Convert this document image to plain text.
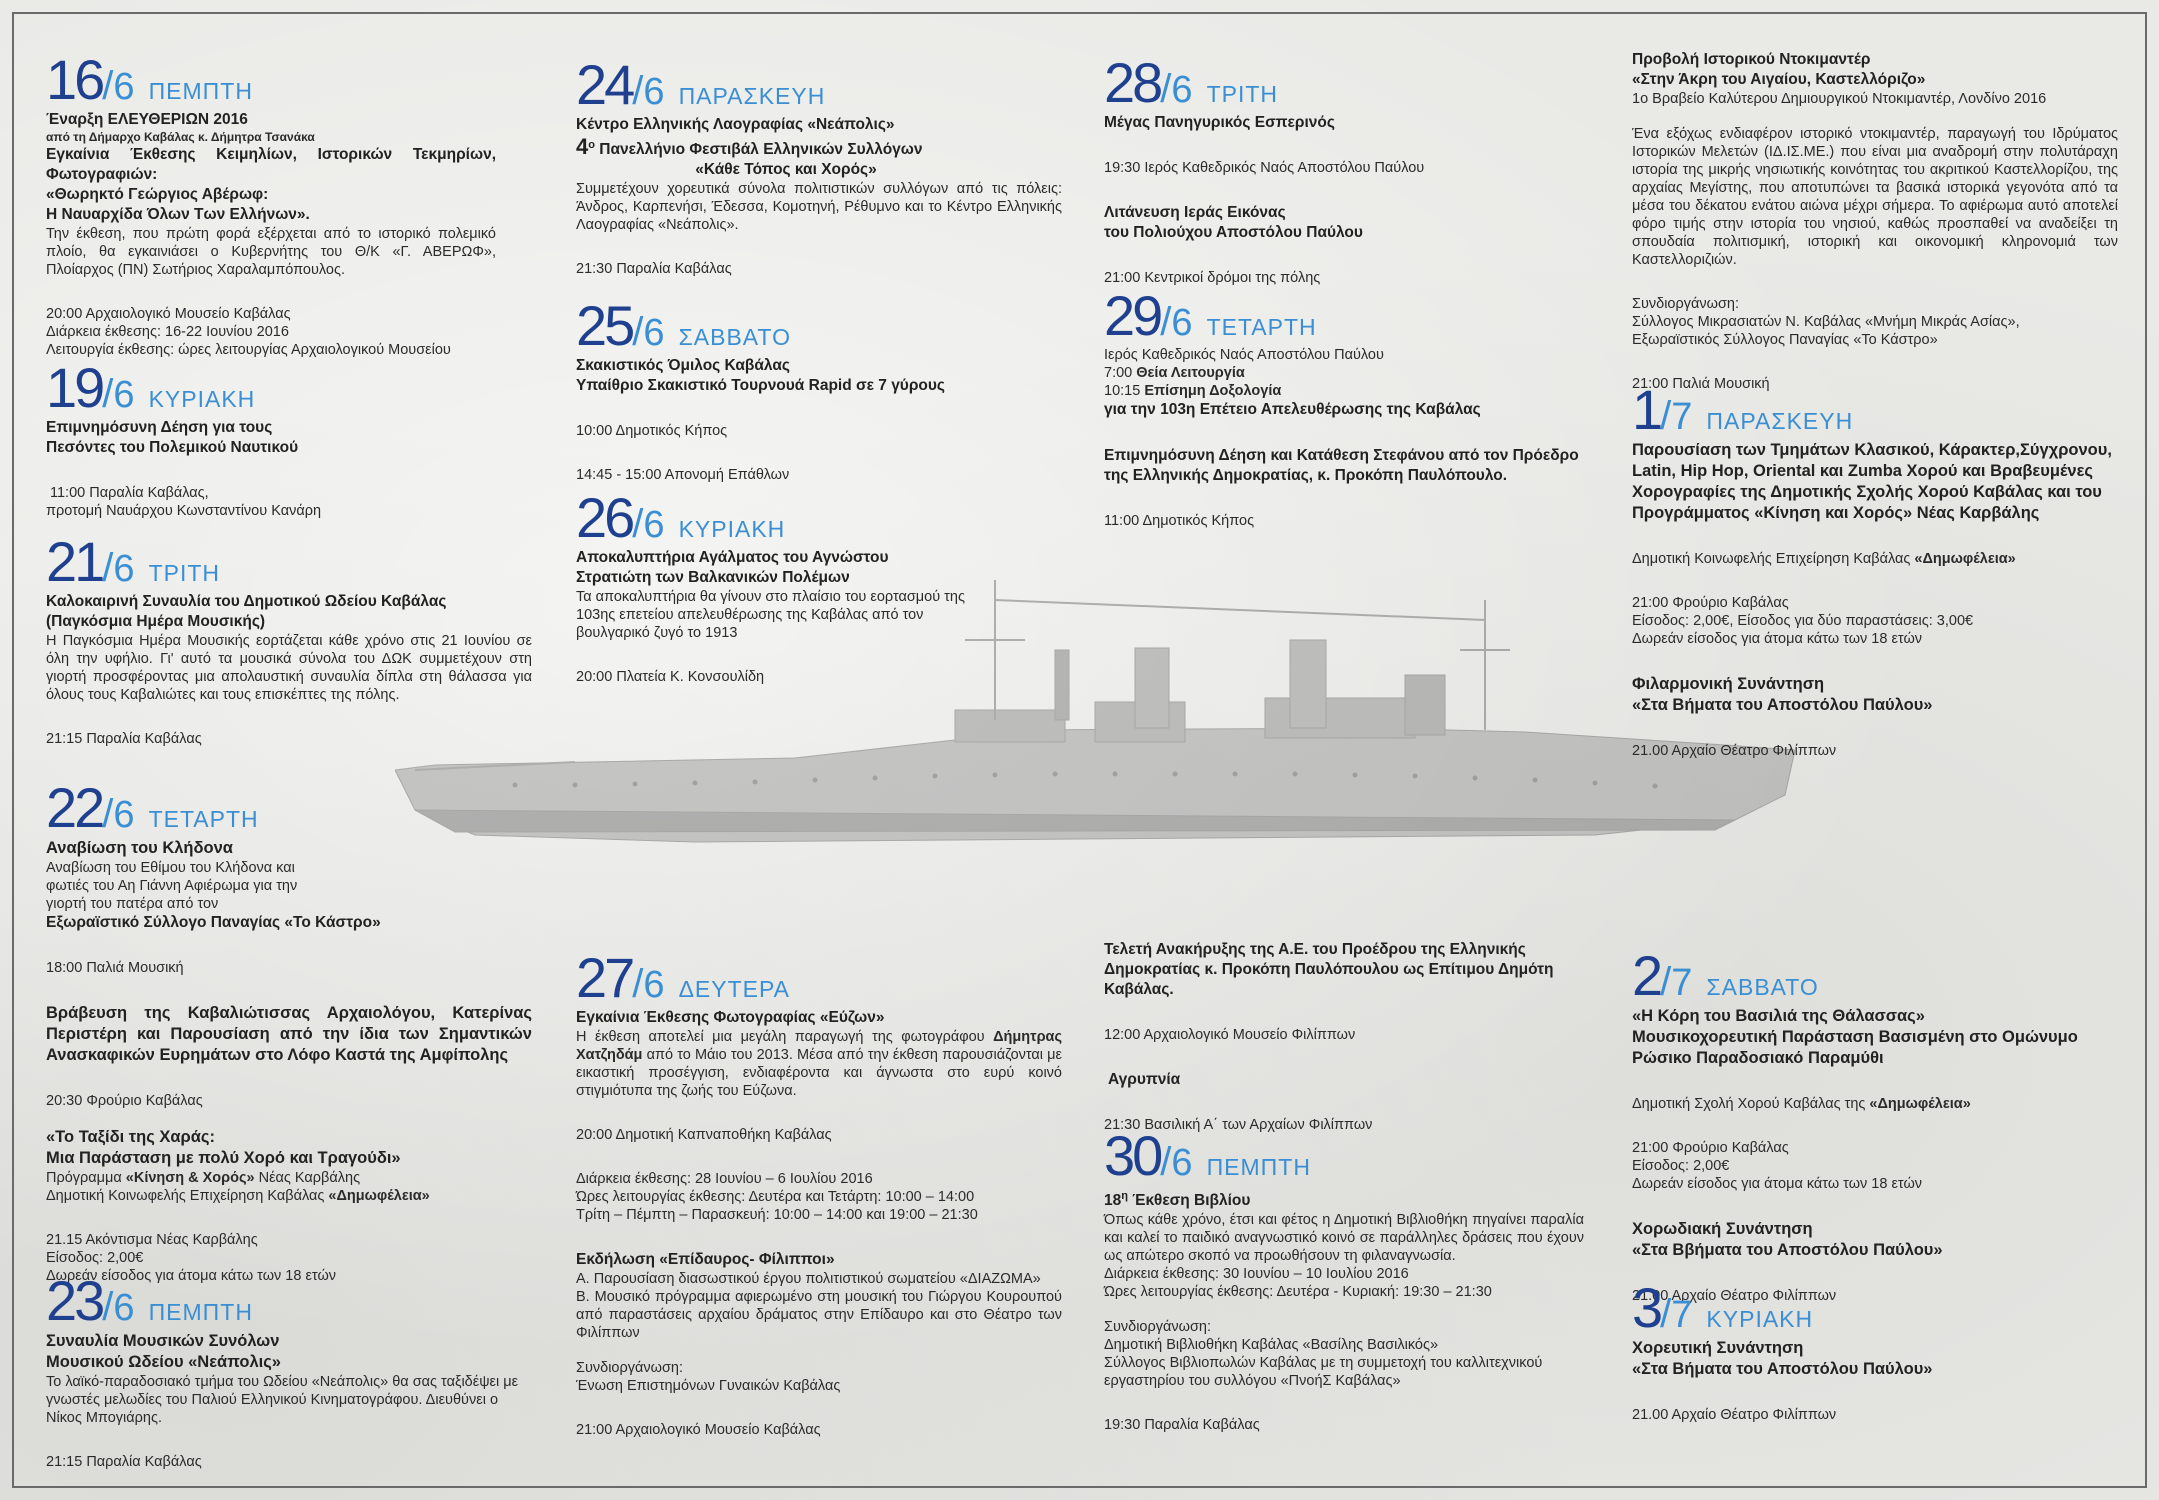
16 / 6 ΠΕΜΠΤΗ

Έναρξη ΕΛΕΥΘΕΡΙΩΝ 2016

από τη Δήμαρχο Καβάλας κ. Δήμητρα Τσανάκα

Εγκαίνια Έκθεσης Κειμηλίων, Ιστορικών Τεκμηρίων, Φωτογραφιών:

«Θωρηκτό Γεώργιος Αβέρωφ:

Η Ναυαρχίδα Όλων Των Ελλήνων».

Την έκθεση, που πρώτη φορά εξέρχεται από το ιστορικό πολεμικό πλοίο, θα εγκαινιάσει ο Κυβερνήτης του Θ/Κ «Γ. ΑΒΕΡΩΦ», Πλοίαρχος (ΠΝ) Σωτήριος Χαραλαμπόπουλος.

20:00 Αρχαιολογικό Μουσείο Καβάλας

Διάρκεια έκθεσης: 16-22 Ιουνίου 2016

Λειτουργία έκθεσης: ώρες λειτουργίας Αρχαιολογικού Μουσείου

19 / 6 ΚΥΡΙΑΚΗ

Επιμνημόσυνη Δέηση για τους

Πεσόντες του Πολεμικού Ναυτικού

11:00 Παραλία Καβάλας,

προτομή Ναυάρχου Κωνσταντίνου Κανάρη

21 / 6 ΤΡΙΤΗ

Καλοκαιρινή Συναυλία του Δημοτικού Ωδείου Καβάλας

(Παγκόσμια Ημέρα Μουσικής)

Η Παγκόσμια Ημέρα Μουσικής εορτάζεται κάθε χρόνο στις 21 Ιουνίου σε όλη την υφήλιο. Γι' αυτό τα μουσικά σύνολα του ΔΩΚ συμμετέχουν στη γιορτή προσφέροντας μια απολαυστική συναυλία δίπλα στη θάλασσα για όλους τους Καβαλιώτες και τους επισκέπτες της πόλης.

21:15 Παραλία Καβάλας

22 / 6 ΤΕΤΑΡΤΗ

Αναβίωση του Κλήδονα

Αναβίωση του Εθίμου του Κλήδονα και

φωτιές του Αη Γιάννη Αφιέρωμα για την

γιορτή του πατέρα από τον

Εξωραϊστικό Σύλλογο Παναγίας «Το Κάστρο»

18:00 Παλιά Μουσική

Βράβευση της Καβαλιώτισσας Αρχαιολόγου, Κατερίνας Περιστέρη και Παρουσίαση από την ίδια των Σημαντικών Ανασκαφικών Ευρημάτων στο Λόφο Καστά της Αμφίπολης

20:30 Φρούριο Καβάλας

«Το Ταξίδι της Χαράς:

Μια Παράσταση με πολύ Χορό και Τραγούδι»

Πρόγραμμα «Κίνηση & Χορός» Νέας Καρβάλης

Δημοτική Κοινωφελής Επιχείρηση Καβάλας «Δημωφέλεια»

21.15 Ακόντισμα Νέας Καρβάλης

Είσοδος: 2,00€

Δωρεάν είσοδος για άτομα κάτω των 18 ετών

23 / 6 ΠΕΜΠΤΗ

Συναυλία Μουσικών Συνόλων

Μουσικού Ωδείου «Νεάπολις»

Το λαϊκό-παραδοσιακό τμήμα του Ωδείου «Νεάπολις» θα σας ταξιδέψει με γνωστές μελωδίες του Παλιού Ελληνικού Κινηματογράφου. Διευθύνει ο Νίκος Μπογιάρης.

21:15 Παραλία Καβάλας

24 / 6 ΠΑΡΑΣΚΕΥΗ

Κέντρο Ελληνικής Λαογραφίας «Νεάπολις»

$4^o$ Πανελλήνιο Φεστιβάλ Ελληνικών Συλλόγων

«Κάθε Τόπος και Χορός»

Συμμετέχουν χορευτικά σύνολα πολιτιστικών συλλόγων από τις πόλεις: Άνδρος, Καρπενήσι, Έδεσσα, Κομοτηνή, Ρέθυμνο και το Κέντρο Ελληνικής Λαογραφίας «Νεάπολις».

21:30 Παραλία Καβάλας

25 / 6 ΣΑΒΒΑΤΟ

Σκακιστικός Όμιλος Καβάλας

Υπαίθριο Σκακιστικό Τουρνουά Rapid σε 7 γύρους

10:00 Δημοτικός Κήπος

14:45 - 15:00 Απονομή Επάθλων

26 / 6 ΚΥΡΙΑΚΗ

Αποκαλυπτήρια Αγάλματος του Αγνώστου

Στρατιώτη των Βαλκανικών Πολέμων

Τα αποκαλυπτήρια θα γίνουν στο πλαίσιο του εορτασμού της 103ης επετείου απελευθέρωσης της Καβάλας από τον βουλγαρικό ζυγό το 1913

20:00 Πλατεία Κ. Κονσουλίδη

27 / 6 ΔΕΥΤΕΡΑ

Εγκαίνια Έκθεσης Φωτογραφίας «Εύζων»

Η έκθεση αποτελεί μια μεγάλη παραγωγή της φωτογράφου Δήμητρας Χατζηδάμ από το Μάιο του 2013. Μέσα από την έκθεση παρουσιάζονται με εικαστική προσέγγιση, ενδιαφέροντα και άγνωστα στο ευρύ κοινό στιγμιότυπα της ζωής του Εύζωνα.

20:00 Δημοτική Καπναποθήκη Καβάλας

Διάρκεια έκθεσης: 28 Ιουνίου – 6 Ιουλίου 2016

Ώρες λειτουργίας έκθεσης: Δευτέρα και Τετάρτη: 10:00 – 14:00

Τρίτη – Πέμπτη – Παρασκευή: 10:00 – 14:00 και 19:00 – 21:30

Εκδήλωση «Επίδαυρος- Φίλιπποι»

Α. Παρουσίαση διασωστικού έργου πολιτιστικού σωματείου «ΔΙΑΖΩΜΑ»

Β. Μουσικό πρόγραμμα αφιερωμένο στη μουσική του Γιώργου Κουρουπού από παραστάσεις αρχαίου δράματος στην Επίδαυρο και στο Θέατρο των Φιλίππων

Συνδιοργάνωση:

Ένωση Επιστημόνων Γυναικών Καβάλας

21:00 Αρχαιολογικό Μουσείο Καβάλας

28 / 6 ΤΡΙΤΗ

Μέγας Πανηγυρικός Εσπερινός

19:30 Ιερός Καθεδρικός Ναός Αποστόλου Παύλου

Λιτάνευση Ιεράς Εικόνας

του Πολιούχου Αποστόλου Παύλου

21:00 Κεντρικοί δρόμοι της πόλης

29 / 6 ΤΕΤΑΡΤΗ

Ιερός Καθεδρικός Ναός Αποστόλου Παύλου

7:00 Θεία Λειτουργία

10:15 Επίσημη Δοξολογία

για την 103η Επέτειο Απελευθέρωσης της Καβάλας

Επιμνημόσυνη Δέηση και Κατάθεση Στεφάνου από τον Πρόεδρο της Ελληνικής Δημοκρατίας, κ. Προκόπη Παυλόπουλο.

11:00 Δημοτικός Κήπος

Τελετή Ανακήρυξης της Α.Ε. του Προέδρου της Ελληνικής Δημοκρατίας κ. Προκόπη Παυλόπουλου ως Επίτιμου Δημότη Καβάλας.

12:00 Αρχαιολογικό Μουσείο Φιλίππων

Αγρυπνία

21:30 Βασιλική Α΄ των Αρχαίων Φιλίππων

30 / 6 ΠΕΜΠΤΗ

$18^\eta$ Έκθεση Βιβλίου

Όπως κάθε χρόνο, έτσι και φέτος η Δημοτική Βιβλιοθήκη πηγαίνει παραλία και καλεί το παιδικό αναγνωστικό κοινό σε παράλληλες δράσεις που έχουν ως απώτερο σκοπό να προωθήσουν τη φιλαναγνωσία.

Διάρκεια έκθεσης: 30 Ιουνίου – 10 Ιουλίου 2016

Ώρες λειτουργίας έκθεσης: Δευτέρα - Κυριακή: 19:30 – 21:30

Συνδιοργάνωση:

Δημοτική Βιβλιοθήκη Καβάλας «Βασίλης Βασιλικός»

Σύλλογος Βιβλιοπωλών Καβάλας με τη συμμετοχή του καλλιτεχνικού εργαστηρίου του συλλόγου «ΠνοήΣ Καβάλας»

19:30 Παραλία Καβάλας

Προβολή Ιστορικού Ντοκιμαντέρ

«Στην Άκρη του Αιγαίου, Καστελλόριζο»

1ο Βραβείο Καλύτερου Δημιουργικού Ντοκιμαντέρ, Λονδίνο 2016

Ένα εξόχως ενδιαφέρον ιστορικό ντοκιμαντέρ, παραγωγή του Ιδρύματος Ιστορικών Μελετών (ΙΔ.ΙΣ.ΜΕ.) που είναι μια αναδρομή στην πολυτάραχη ιστορία της μικρής νησιωτικής κοινότητας του ακριτικού Καστελλορίζου, της αρχαίας Μεγίστης, που αποτυπώνει τα βασικά ιστορικά γεγονότα από τα μέσα του δέκατου ενάτου αιώνα μέχρι σήμερα. Το αφιέρωμα αυτό αποτελεί φόρο τιμής στην ιστορία του νησιού, καθώς προσπαθεί να αναδείξει τη σπουδαία πολιτισμική, ιστορική και οικονομική κληρονομιά των Καστελλοριζιών.

Συνδιοργάνωση:

Σύλλογος Μικρασιατών Ν. Καβάλας «Μνήμη Μικράς Ασίας»,

Εξωραϊστικός Σύλλογος Παναγίας «Το Κάστρο»

21:00 Παλιά Μουσική

1 / 7 ΠΑΡΑΣΚΕΥΗ

Παρουσίαση των Τμημάτων Κλασικού, Κάρακτερ,Σύγχρονου, Latin, Hip Hop, Oriental και Zumba Χορού και Βραβευμένες Χορογραφίες της Δημοτικής Σχολής Χορού Καβάλας και του Προγράμματος «Κίνηση και Χορός» Νέας Καρβάλης

Δημοτική Κοινωφελής Επιχείρηση Καβάλας «Δημωφέλεια»

21:00 Φρούριο Καβάλας

Είσοδος: 2,00€, Είσοδος για δύο παραστάσεις: 3,00€

Δωρεάν είσοδος για άτομα κάτω των 18 ετών

Φιλαρμονική Συνάντηση

«Στα Βήματα του Αποστόλου Παύλου»

21.00 Αρχαίο Θέατρο Φιλίππων

2 / 7 ΣΑΒΒΑΤΟ

«Η Κόρη του Βασιλιά της Θάλασσας»

Μουσικοχορευτική Παράσταση Βασισμένη στο Ομώνυμο Ρώσικο Παραδοσιακό Παραμύθι

Δημοτική Σχολή Χορού Καβάλας της «Δημωφέλεια»

21:00 Φρούριο Καβάλας

Είσοδος: 2,00€

Δωρεάν είσοδος για άτομα κάτω των 18 ετών

Χορωδιακή Συνάντηση

«Στα Ββήματα του Αποστόλου Παύλου»

21.00 Αρχαίο Θέατρο Φιλίππων

3 / 7 ΚΥΡΙΑΚΗ

Χορευτική Συνάντηση

«Στα Βήματα του Αποστόλου Παύλου»

21.00 Αρχαίο Θέατρο Φιλίππων
